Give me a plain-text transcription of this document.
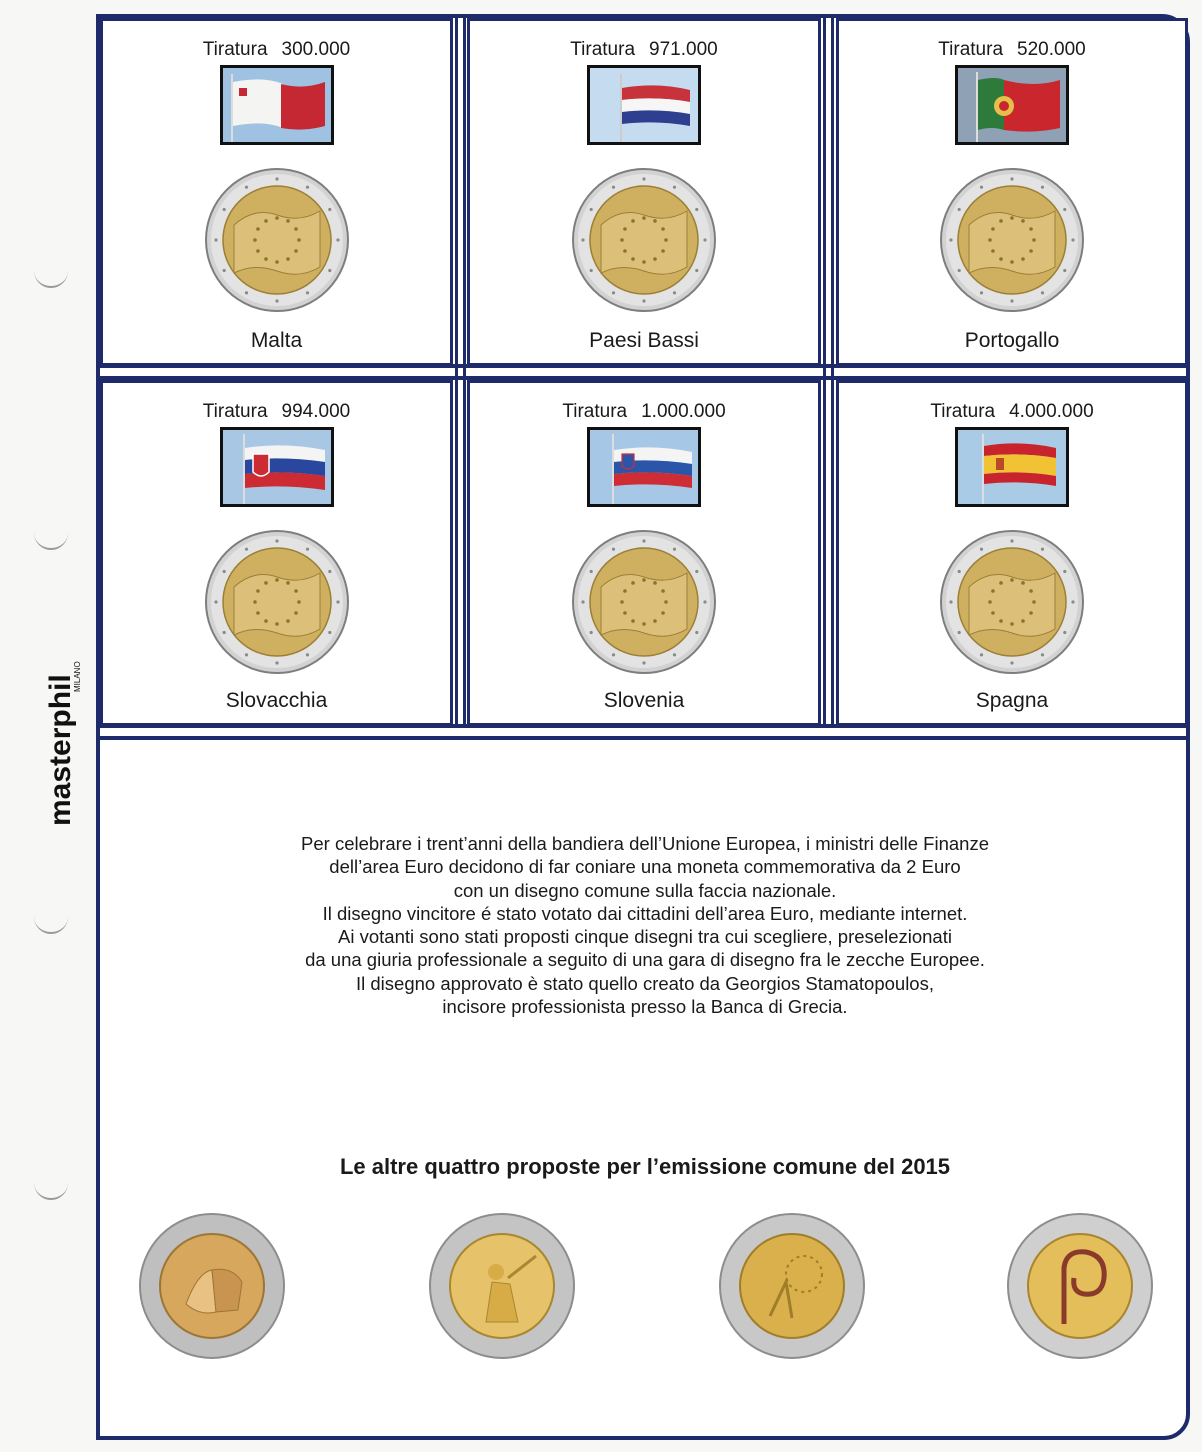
masterphil
MILANO
Tiratura 300.000
Malta
Tiratura 971.000
Paesi Bassi
Tiratura 520.000
Portogallo
Tiratura 994.000
Slovacchia
Tiratura 1.000.000
Slovenia
Tiratura 4.000.000
Spagna
Per celebrare i trent’anni della bandiera dell’Unione Europea, i ministri delle Finanze
dell’area Euro decidono di far coniare una moneta commemorativa da 2 Euro
con un disegno comune sulla faccia nazionale.
Il disegno vincitore é stato votato dai cittadini dell’area Euro, mediante internet.
Ai votanti sono stati proposti cinque disegni tra cui scegliere, preselezionati
da una giuria professionale a seguito di una gara di disegno fra le zecche Europee.
Il disegno approvato è stato quello creato da Georgios Stamatopoulos,
incisore professionista presso la Banca di Grecia.
Le altre quattro proposte per l’emissione comune del 2015
